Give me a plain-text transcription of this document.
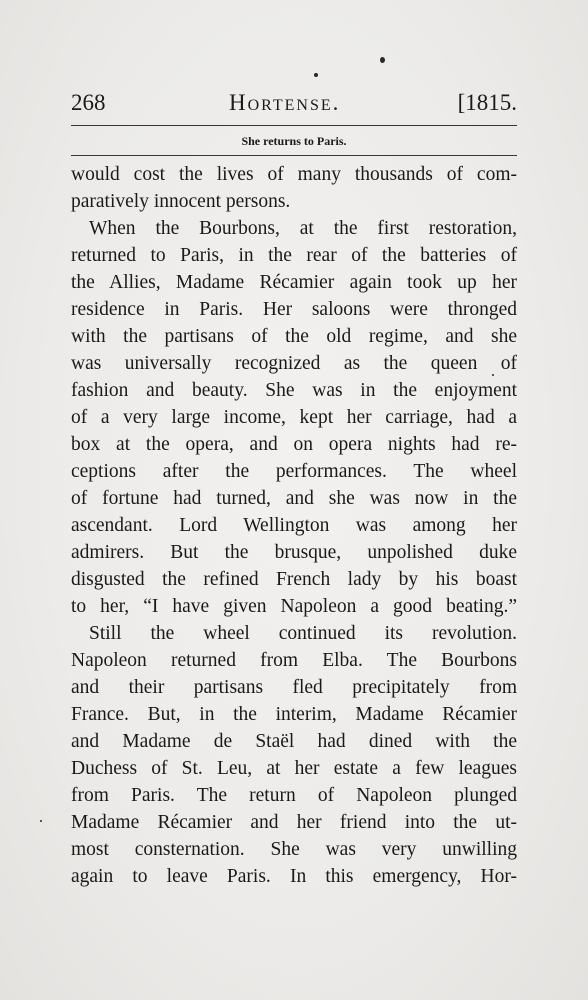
268	Hortense.	[1815.
She returns to Paris.
would cost the lives of many thousands of com-
paratively innocent persons.
When the Bourbons, at the first restoration,
returned to Paris, in the rear of the batteries of
the Allies, Madame Récamier again took up her
residence in Paris. Her saloons were thronged
with the partisans of the old regime, and she
was universally recognized as the queen of
fashion and beauty. She was in the enjoyment
of a very large income, kept her carriage, had a
box at the opera, and on opera nights had re-
ceptions after the performances. The wheel
of fortune had turned, and she was now in the
ascendant. Lord Wellington was among her
admirers. But the brusque, unpolished duke
disgusted the refined French lady by his boast
to her, “I have given Napoleon a good beating.”
Still the wheel continued its revolution.
Napoleon returned from Elba. The Bourbons
and their partisans fled precipitately from
France. But, in the interim, Madame Récamier
and Madame de Staël had dined with the
Duchess of St. Leu, at her estate a few leagues
from Paris. The return of Napoleon plunged
Madame Récamier and her friend into the ut-
most consternation. She was very unwilling
again to leave Paris. In this emergency, Hor-
